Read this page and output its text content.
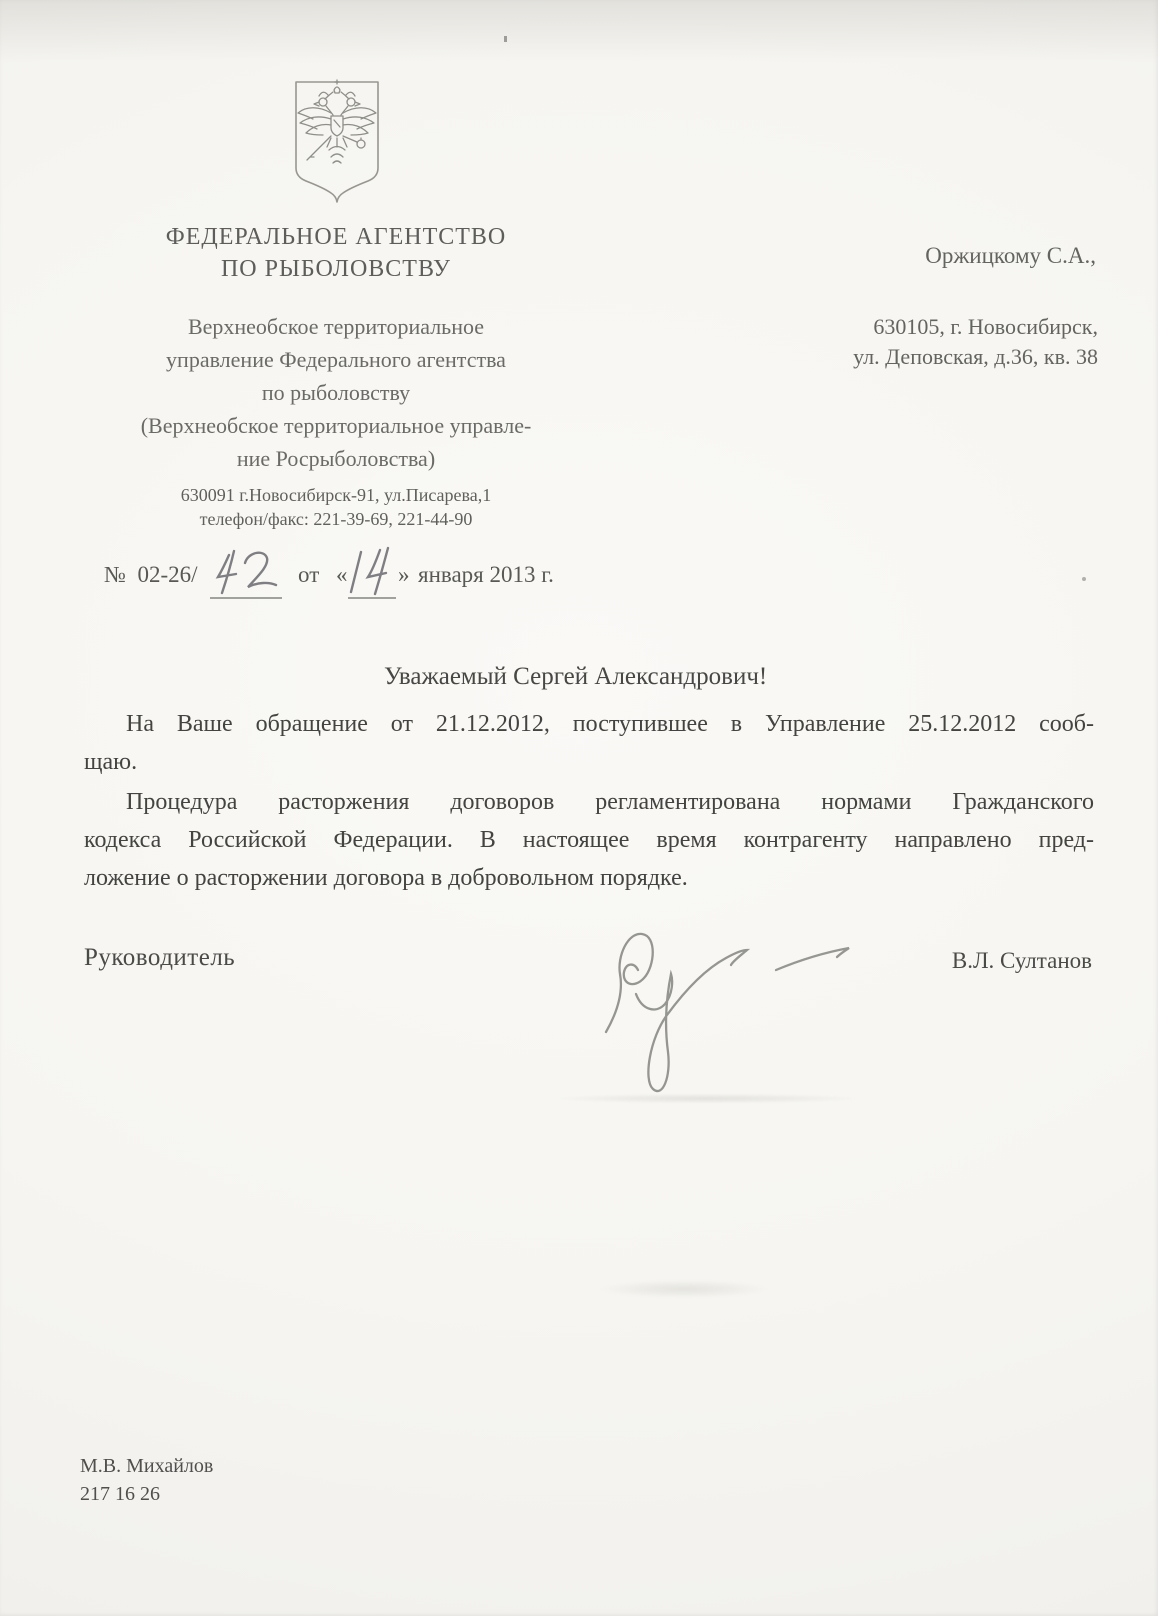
ФЕДЕРАЛЬНОЕ АГЕНТСТВО
ПО РЫБОЛОВСТВУ
Оржицкому С.А.,
Верхнеобское территориальное
управление Федерального агентства
по рыболовству
(Верхнеобское территориальное управле-
ние Росрыболовства)
630105, г. Новосибирск,
ул. Деповская, д.36, кв. 38
630091 г.Новосибирск-91, ул.Писарева,1
телефон/факс: 221-39-69, 221-44-90
№  02-26/	от « » января 2013 г.
Уважаемый Сергей Александрович!
На Ваше обращение от 21.12.2012, поступившее в Управление 25.12.2012 сооб-
щаю.
Процедура расторжения договоров регламентирована нормами Гражданского
кодекса Российской Федерации. В настоящее время контрагенту направлено пред-
ложение о расторжении договора в добровольном порядке.
Руководитель	В.Л. Султанов
М.В. Михайлов
217 16 26
